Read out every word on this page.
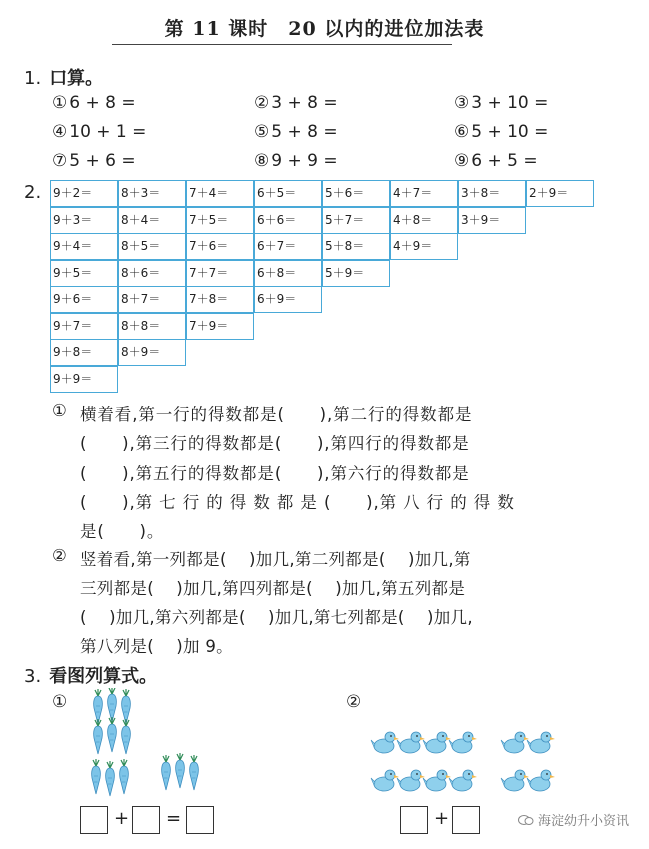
第 11 课时　20 以内的进位加法表
1. 口算。
① 6 + 8 =	② 3 + 8 =	③ 3 + 10 =
④ 10 + 1 =	⑤ 5 + 8 =	⑥ 5 + 10 =
⑦ 5 + 6 =	⑧ 9 + 9 =	⑨ 6 + 5 =
2. 9＋2＝	8＋3＝	7＋4＝	6＋5＝	5＋6＝	4＋7＝	3＋8＝	2＋9＝
9＋3＝	8＋4＝	7＋5＝	6＋6＝	5＋7＝	4＋8＝	3＋9＝
9＋4＝	8＋5＝	7＋6＝	6＋7＝	5＋8＝	4＋9＝
9＋5＝	8＋6＝	7＋7＝	6＋8＝	5＋9＝
9＋6＝	8＋7＝	7＋8＝	6＋9＝
9＋7＝	8＋8＝	7＋9＝
9＋8＝	8＋9＝
9＋9＝
① 横着看,第一行的得数都是(　　),第二行的得数都是
(　　),第三行的得数都是(　　),第四行的得数都是
(　　),第五行的得数都是(　　),第六行的得数都是
(　　),第 七 行 的 得 数 都 是 (　　),第 八 行 的 得 数
是(　　)。
② 竖着看,第一列都是(　 )加几,第二列都是(　 )加几,第
三列都是(　 )加几,第四列都是(　 )加几,第五列都是
(　 )加几,第六列都是(　 )加几,第七列都是(　 )加几,
第八列是(　 )加 9。
3. 看图列算式。
①	②
+ =	+	海淀幼升小资讯
